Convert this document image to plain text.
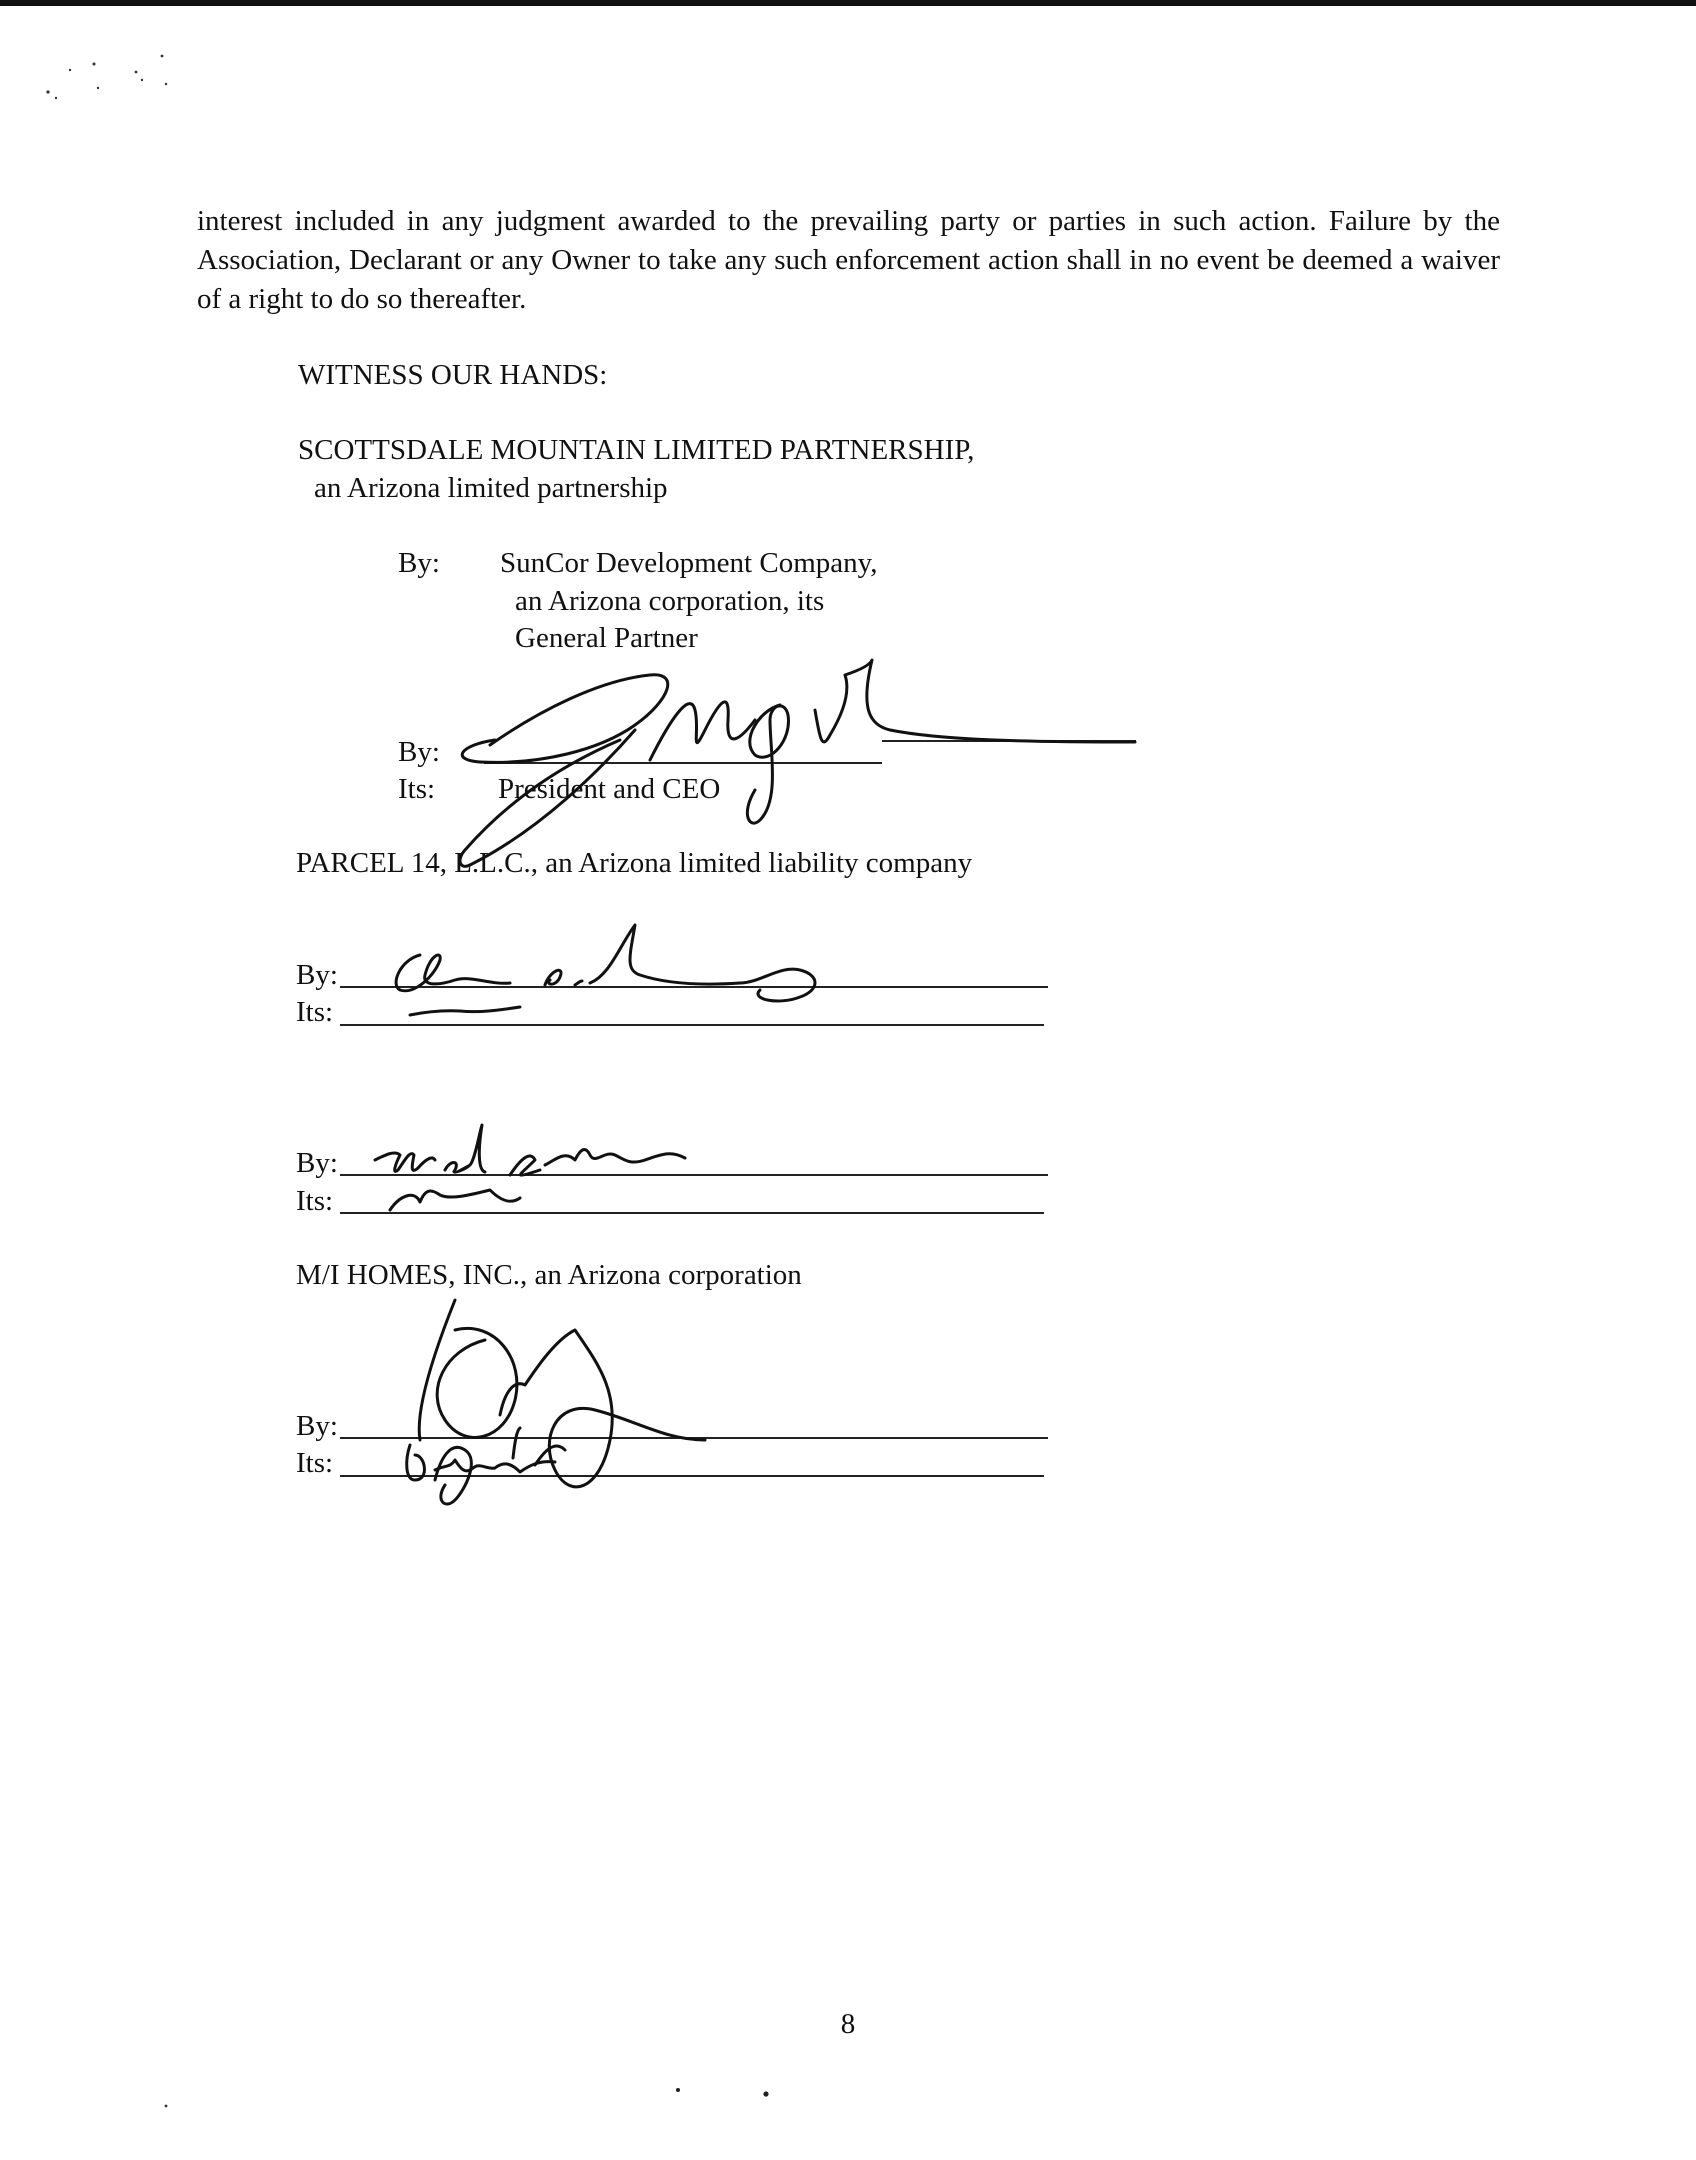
interest included in any judgment awarded to the prevailing party or parties in such action. Failure by the Association, Declarant or any Owner to take any such enforcement action shall in no event be deemed a waiver of a right to do so thereafter.
WITNESS OUR HANDS:
SCOTTSDALE MOUNTAIN LIMITED PARTNERSHIP,
an Arizona limited partnership
By: SunCor Development Company,
an Arizona corporation, its
General Partner
By:
Its: President and CEO
PARCEL 14, L.L.C., an Arizona limited liability company
By:
Its:
By:
Its:
M/I HOMES, INC., an Arizona corporation
By:
Its:
8
